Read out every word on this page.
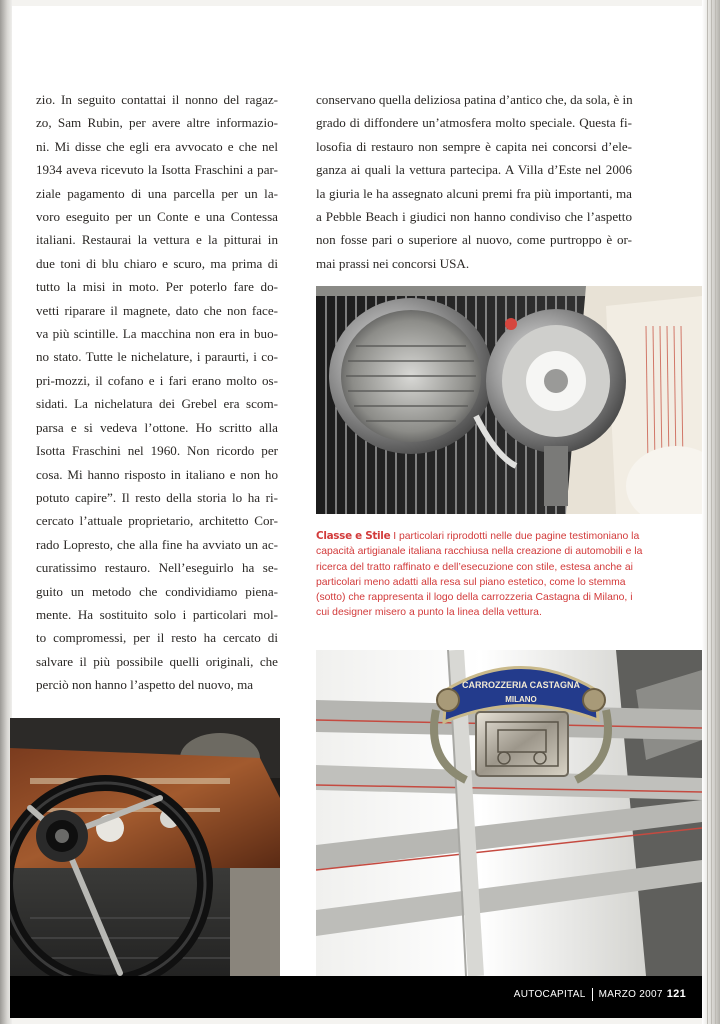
zio. In seguito contattai il nonno del ragaz-
zo, Sam Rubin, per avere altre informazio-
ni. Mi disse che egli era avvocato e che nel
1934 aveva ricevuto la Isotta Fraschini a par-
ziale pagamento di una parcella per un la-
voro eseguito per un Conte e una Contessa
italiani. Restaurai la vettura e la pitturai in
due toni di blu chiaro e scuro, ma prima di
tutto la misi in moto. Per poterlo fare do-
vetti riparare il magnete, dato che non face-
va più scintille. La macchina non era in buo-
no stato. Tutte le nichelature, i paraurti, i co-
pri-mozzi, il cofano e i fari erano molto os-
sidati. La nichelatura dei Grebel era scom-
parsa e si vedeva l’ottone. Ho scritto alla
Isotta Fraschini nel 1960. Non ricordo per
cosa. Mi hanno risposto in italiano e non ho
potuto capire”. Il resto della storia lo ha ri-
cercato l’attuale proprietario, architetto Cor-
rado Lopresto, che alla fine ha avviato un ac-
curatissimo restauro. Nell’eseguirlo ha se-
guito un metodo che condividiamo piena-
mente. Ha sostituito solo i particolari mol-
to compromessi, per il resto ha cercato di
salvare il più possibile quelli originali, che
perciò non hanno l’aspetto del nuovo, ma
conservano quella deliziosa patina d’antico che, da sola, è in
grado di diffondere un’atmosfera molto speciale. Questa fi-
losofia di restauro non sempre è capita nei concorsi d’ele-
ganza ai quali la vettura partecipa. A Villa d’Este nel 2006
la giuria le ha assegnato alcuni premi fra più importanti, ma
a Pebble Beach i giudici non hanno condiviso che l’aspetto
non fosse pari o superiore al nuovo, come purtroppo è or-
mai prassi nei concorsi USA.
Classe e Stile I particolari riprodotti nelle due pagine testimoniano la capacità artigianale italiana racchiusa nella creazione di automobili e la ricerca del tratto raffinato e dell’esecuzione con stile, estesa anche ai particolari meno adatti alla resa sul piano estetico, come lo stemma (sotto) che rappresenta il logo della carrozzeria Castagna di Milano, i cui designer misero a punto la linea della vettura.
CARROZZERIA CASTAGNA
MILANO
AUTOCAPITAL MARZO 2007 121
